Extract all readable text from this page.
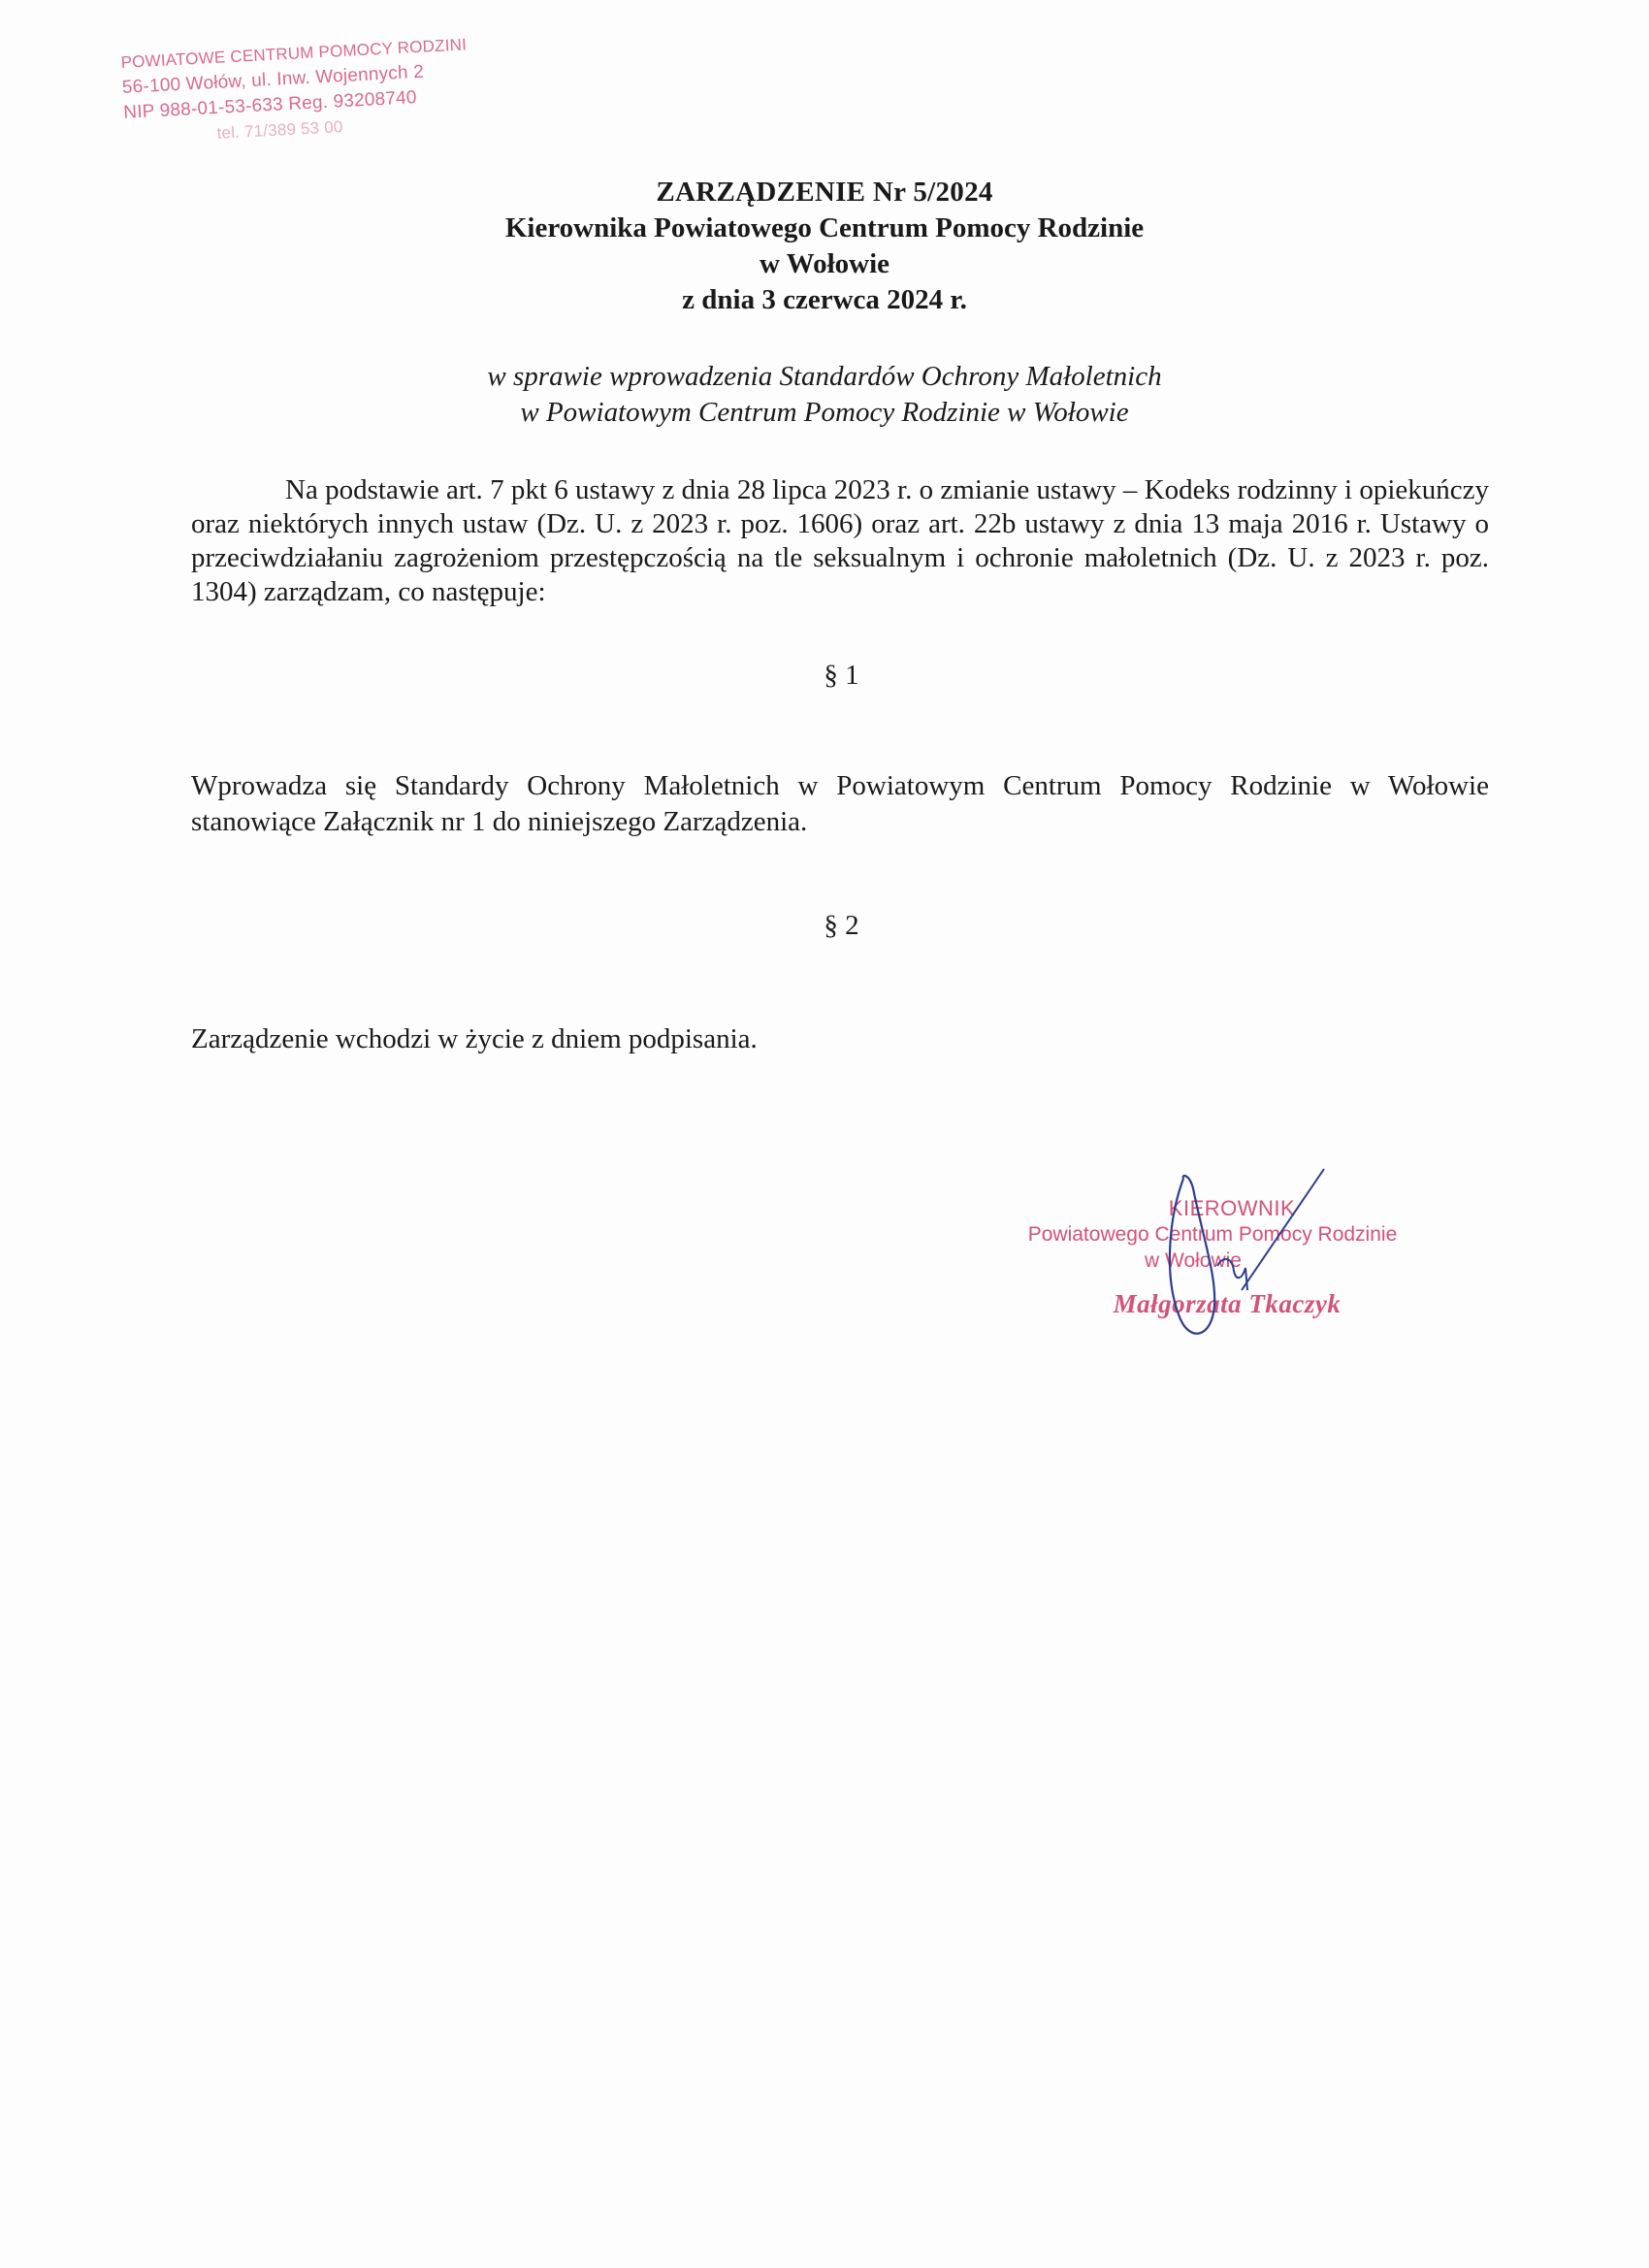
POWIATOWE CENTRUM POMOCY RODZINI
56-100 Wołów, ul. Inw. Wojennych 2
NIP 988-01-53-633 Reg. 93208740
tel. 71/389 53 00
ZARZĄDZENIE Nr 5/2024
Kierownika Powiatowego Centrum Pomocy Rodzinie
w Wołowie
z dnia 3 czerwca 2024 r.
w sprawie wprowadzenia Standardów Ochrony Małoletnich
w Powiatowym Centrum Pomocy Rodzinie w Wołowie
Na podstawie art. 7 pkt 6 ustawy z dnia 28 lipca 2023 r. o zmianie ustawy – Kodeks rodzinny i opiekuńczy oraz niektórych innych ustaw (Dz. U. z 2023 r. poz. 1606) oraz art. 22b ustawy z dnia 13 maja 2016 r. Ustawy o przeciwdziałaniu zagrożeniom przestępczością na tle seksualnym i ochronie małoletnich (Dz. U. z 2023 r. poz. 1304) zarządzam, co następuje:
§ 1
Wprowadza się Standardy Ochrony Małoletnich w Powiatowym Centrum Pomocy Rodzinie w Wołowie stanowiące Załącznik nr 1 do niniejszego Zarządzenia.
§ 2
Zarządzenie wchodzi w życie z dniem podpisania.
KIEROWNIK
Powiatowego Centrum Pomocy Rodzinie
w Wołowie
Małgorzata Tkaczyk
